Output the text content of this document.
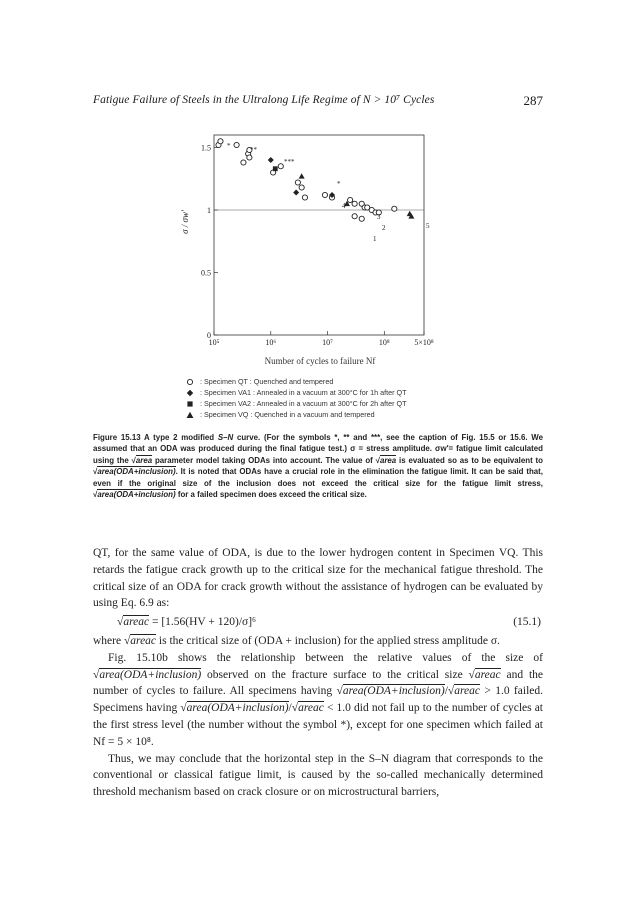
Fatigue Failure of Steels in the Ultralong Life Regime of N > 10⁷ Cycles	287
1.5
1
0.5
0
10⁵	10⁶	10⁷	10⁸	5×10⁸
*	**
***
*
1
2
3
4
5
σ / σw′
Number of cycles to failure Nf
: Specimen QT : Quenched and tempered
: Specimen VA1 : Annealed in a vacuum at 300°C for 1h after QT
: Specimen VA2 : Annealed in a vacuum at 300°C for 2h after QT
: Specimen VQ : Quenched in a vacuum and tempered

Figure 15.13 A type 2 modified S–N curve. (For the symbols *, ** and ***, see the caption of Fig. 15.5 or 15.6. We assumed that an ODA was produced during the final fatigue test.) σ = stress amplitude. σw′= fatigue limit calculated using the √ area parameter model taking ODAs into account. The value of √ area is evaluated so as to be equivalent to √ area(ODA+inclusion). It is noted that ODAs have a crucial role in the elimination the fatigue limit. It can be said that, even if the original size of the inclusion does not exceed the critical size for the fatigue limit stress, √ area(ODA+inclusion) for a failed specimen does exceed the critical size.

QT, for the same value of ODA, is due to the lower hydrogen content in Specimen VQ. This retards the fatigue crack growth up to the critical size for the mechanical fatigue threshold. The critical size of an ODA for crack growth without the assistance of hydrogen can be evaluated by using Eq. 6.9 as:

√ areac = [1.56(HV + 120)/σ]⁶	(15.1)

where √ areac is the critical size of (ODA + inclusion) for the applied stress amplitude σ.

Fig. 15.10b shows the relationship between the relative values of the size of √ area(ODA+inclusion) observed on the fracture surface to the critical size √ areac and the number of cycles to failure. All specimens having √ area(ODA+inclusion)/ √ areac > 1.0 failed. Specimens having √ area(ODA+inclusion)/ √ areac < 1.0 did not fail up to the number of cycles at the first stress level (the number without the symbol *), except for one specimen which failed at Nf = 5 × 10⁸.

Thus, we may conclude that the horizontal step in the S–N diagram that corresponds to the conventional or classical fatigue limit, is caused by the so-called mechanically determined threshold mechanism based on crack closure or on microstructural barriers,
